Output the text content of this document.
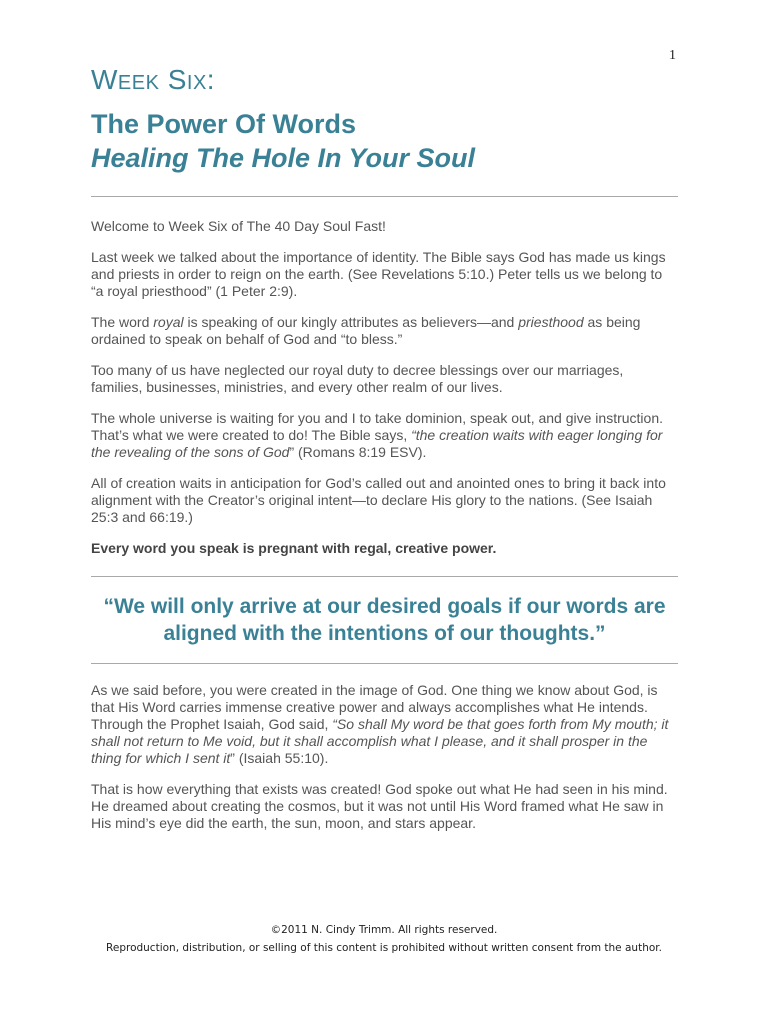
1
Week Six:
The Power Of Words
Healing The Hole In Your Soul

Welcome to Week Six of The 40 Day Soul Fast!

Last week we talked about the importance of identity. The Bible says God has made us kings and priests in order to reign on the earth. (See Revelations 5:10.) Peter tells us we belong to “a royal priesthood” (1 Peter 2:9).

The word royal is speaking of our kingly attributes as believers—and priesthood as being ordained to speak on behalf of God and “to bless.”

Too many of us have neglected our royal duty to decree blessings over our marriages, families, businesses, ministries, and every other realm of our lives.

The whole universe is waiting for you and I to take dominion, speak out, and give instruction. That’s what we were created to do! The Bible says, “the creation waits with eager longing for the revealing of the sons of God” (Romans 8:19 ESV).

All of creation waits in anticipation for God’s called out and anointed ones to bring it back into alignment with the Creator’s original intent—to declare His glory to the nations. (See Isaiah 25:3 and 66:19.)

Every word you speak is pregnant with regal, creative power.

“We will only arrive at our desired goals if our words are aligned with the intentions of our thoughts.”

As we said before, you were created in the image of God. One thing we know about God, is that His Word carries immense creative power and always accomplishes what He intends. Through the Prophet Isaiah, God said, “So shall My word be that goes forth from My mouth; it shall not return to Me void, but it shall accomplish what I please, and it shall prosper in the thing for which I sent it” (Isaiah 55:10).

That is how everything that exists was created! God spoke out what He had seen in his mind. He dreamed about creating the cosmos, but it was not until His Word framed what He saw in His mind’s eye did the earth, the sun, moon, and stars appear.

©2011 N. Cindy Trimm. All rights reserved.
Reproduction, distribution, or selling of this content is prohibited without written consent from the author.
